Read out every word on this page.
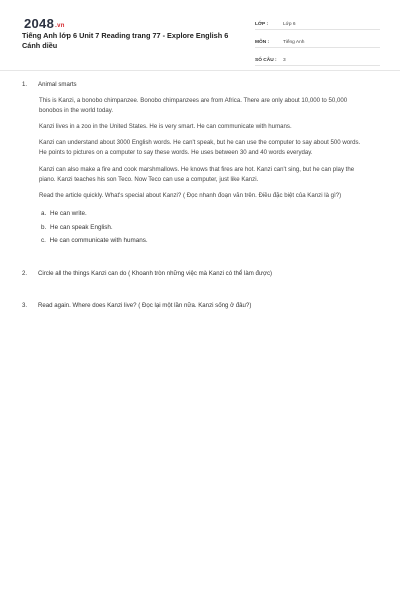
2048.vn
Tiếng Anh lớp 6 Unit 7 Reading trang 77 - Explore English 6 Cánh diều
LỚP :	Lớp 6
MÔN :	Tiếng Anh
SỐ CÂU :	3
1.	Animal smarts
This is Kanzi, a bonobo chimpanzee. Bonobo chimpanzees are from Africa. There are only about 10,000 to 50,000 bonobos in the world today.
Kanzi lives in a zoo in the United States. He is very smart. He can communicate with humans.
Kanzi can understand about 3000 English words. He can't speak, but he can use the computer to say about 500 words. He points to pictures on a computer to say these words. He uses between 30 and 40 words everyday.
Kanzi can also make a fire and cook marshmallows. He knows that fires are hot. Kanzi can't sing, but he can play the piano. Kanzi teaches his son Teco. Now Teco can use a computer, just like Kanzi.
Read the article quickly. What's special about Kanzi? ( Đọc nhanh đoạn văn trên. Điều đặc biệt của Kanzi là gì?)
a. He can write.
b. He can speak English.
c. He can communicate with humans.
2.	Circle all the things Kanzi can do ( Khoanh tròn những việc mà Kanzi có thể làm được)
3.	Read again. Where does Kanzi live? ( Đọc lại một lần nữa. Kanzi sống ở đâu?)
